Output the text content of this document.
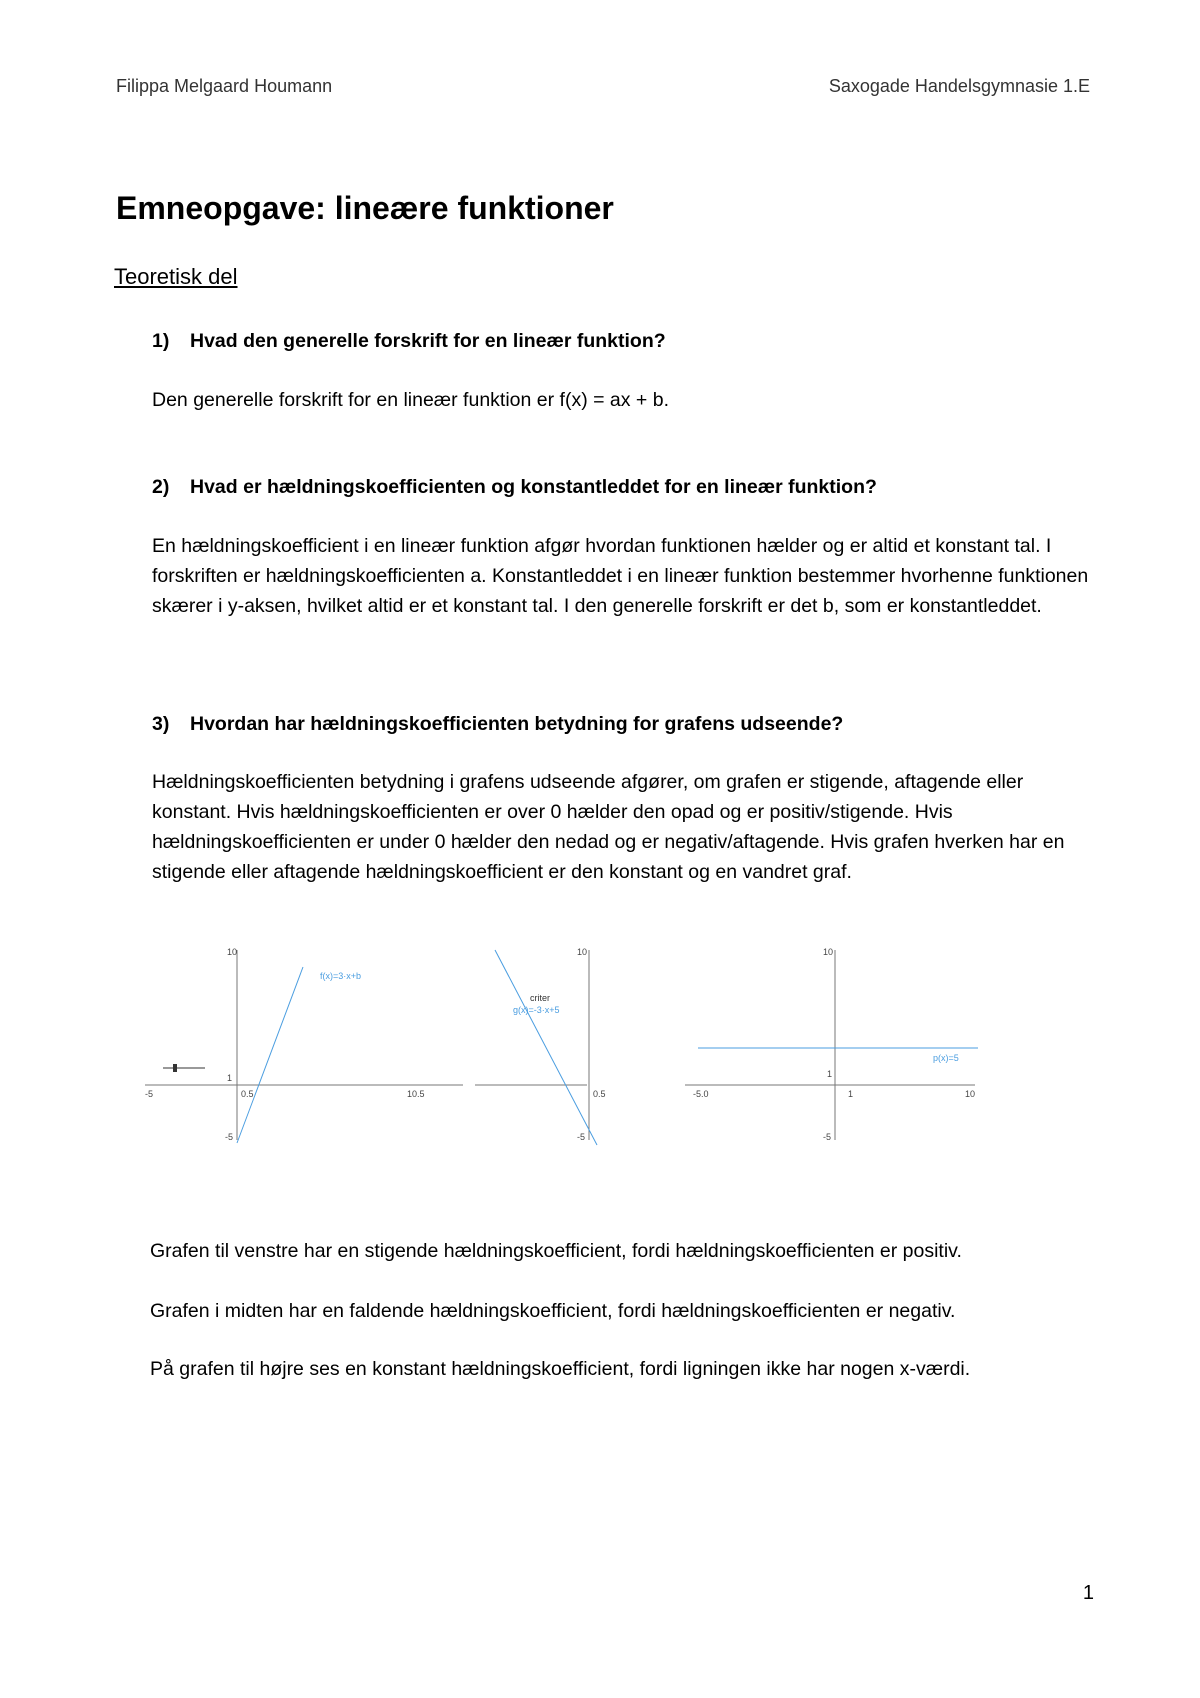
Filippa Melgaard Houmann	Saxogade Handelsgymnasie 1.E
Emneopgave: lineære funktioner
Teoretisk del
1) Hvad den generelle forskrift for en lineær funktion?

Den generelle forskrift for en lineær funktion er f(x) = ax + b.

2) Hvad er hældningskoefficienten og konstantleddet for en lineær funktion?

En hældningskoefficient i en lineær funktion afgør hvordan funktionen hælder og er altid et konstant tal. I forskriften er hældningskoefficienten a. Konstantleddet i en lineær funktion bestemmer hvorhenne funktionen skærer i y-aksen, hvilket altid er et konstant tal. I den generelle forskrift er det b, som er konstantleddet.

3) Hvordan har hældningskoefficienten betydning for grafens udseende?

Hældningskoefficienten betydning i grafens udseende afgører, om grafen er stigende, aftagende eller konstant. Hvis hældningskoefficienten er over 0 hælder den opad og er positiv/stigende. Hvis hældningskoefficienten er under 0 hælder den nedad og er negativ/aftagende. Hvis grafen hverken har en stigende eller aftagende hældningskoefficient er den konstant og en vandret graf.

10
1
-5
-5	0.5	10.5
f(x)=3·x+b
10
0.5
-5
criter
g(x)=-3·x+5
10
1
-5.0	1	10
-5
p(x)=5
Grafen til venstre har en stigende hældningskoefficient, fordi hældningskoefficienten er positiv.
Grafen i midten har en faldende hældningskoefficient, fordi hældningskoefficienten er negativ.
På grafen til højre ses en konstant hældningskoefficient, fordi ligningen ikke har nogen x-værdi.
1
